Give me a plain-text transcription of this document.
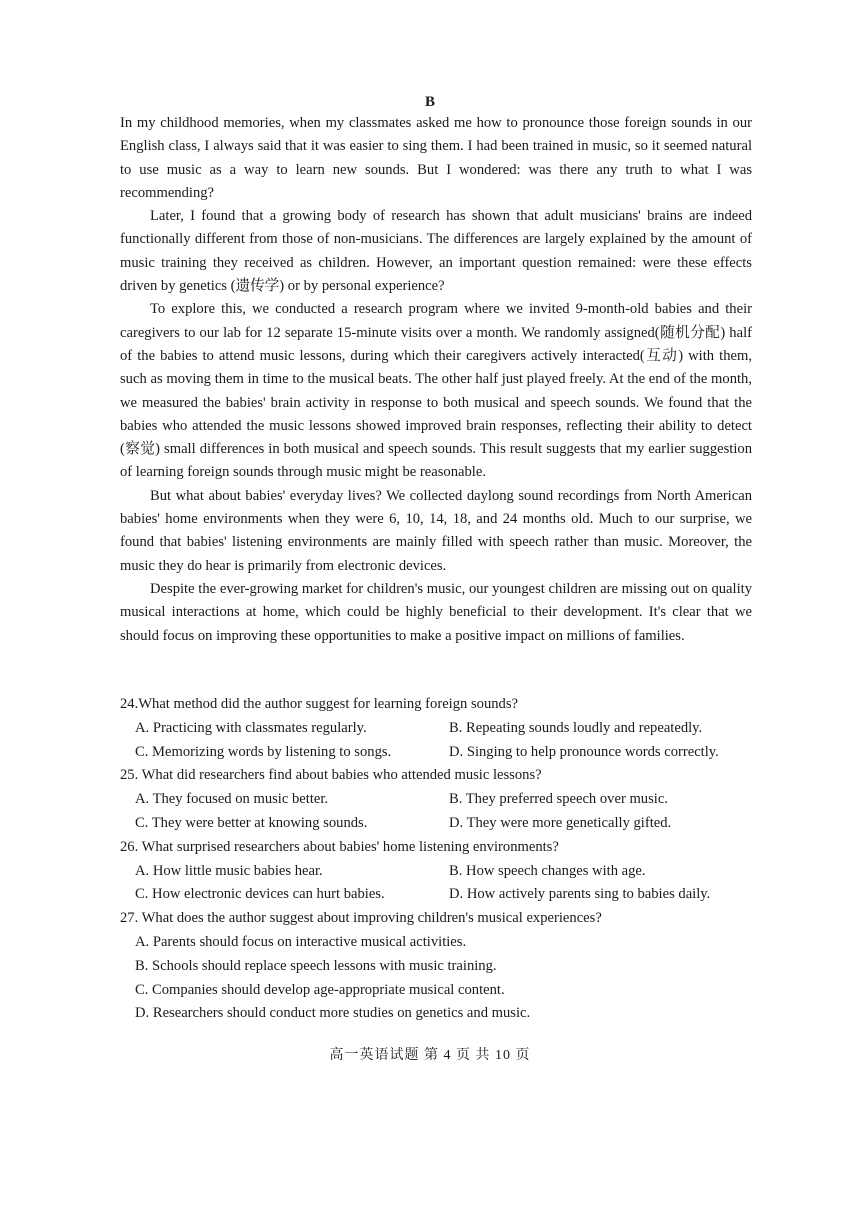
B

In my childhood memories, when my classmates asked me how to pronounce those foreign sounds in our English class, I always said that it was easier to sing them. I had been trained in music, so it seemed natural to use music as a way to learn new sounds. But I wondered: was there any truth to what I was recommending?

Later, I found that a growing body of research has shown that adult musicians' brains are indeed functionally different from those of non-musicians. The differences are largely explained by the amount of music training they received as children. However, an important question remained: were these effects driven by genetics (遗传学) or by personal experience?

To explore this, we conducted a research program where we invited 9-month-old babies and their caregivers to our lab for 12 separate 15-minute visits over a month. We randomly assigned(随机分配) half of the babies to attend music lessons, during which their caregivers actively interacted(互动) with them, such as moving them in time to the musical beats. The other half just played freely. At the end of the month, we measured the babies' brain activity in response to both musical and speech sounds. We found that the babies who attended the music lessons showed improved brain responses, reflecting their ability to detect (察觉) small differences in both musical and speech sounds. This result suggests that my earlier suggestion of learning foreign sounds through music might be reasonable.

But what about babies' everyday lives? We collected daylong sound recordings from North American babies' home environments when they were 6, 10, 14, 18, and 24 months old. Much to our surprise, we found that babies' listening environments are mainly filled with speech rather than music. Moreover, the music they do hear is primarily from electronic devices.

Despite the ever-growing market for children's music, our youngest children are missing out on quality musical interactions at home, which could be highly beneficial to their development. It's clear that we should focus on improving these opportunities to make a positive impact on millions of families.

24.What method did the author suggest for learning foreign sounds?

A. Practicing with classmates regularly.	B. Repeating sounds loudly and repeatedly.
C. Memorizing words by listening to songs.	D. Singing to help pronounce words correctly.

25. What did researchers find about babies who attended music lessons?

A. They focused on music better.	B. They preferred speech over music.
C. They were better at knowing sounds.	D. They were more genetically gifted.

26. What surprised researchers about babies' home listening environments?

A. How little music babies hear.	B. How speech changes with age.
C. How electronic devices can hurt babies.	D. How actively parents sing to babies daily.

27. What does the author suggest about improving children's musical experiences?

A. Parents should focus on interactive musical activities.
B. Schools should replace speech lessons with music training.
C. Companies should develop age-appropriate musical content.
D. Researchers should conduct more studies on genetics and music.
高一英语试题 第 4 页 共 10 页
